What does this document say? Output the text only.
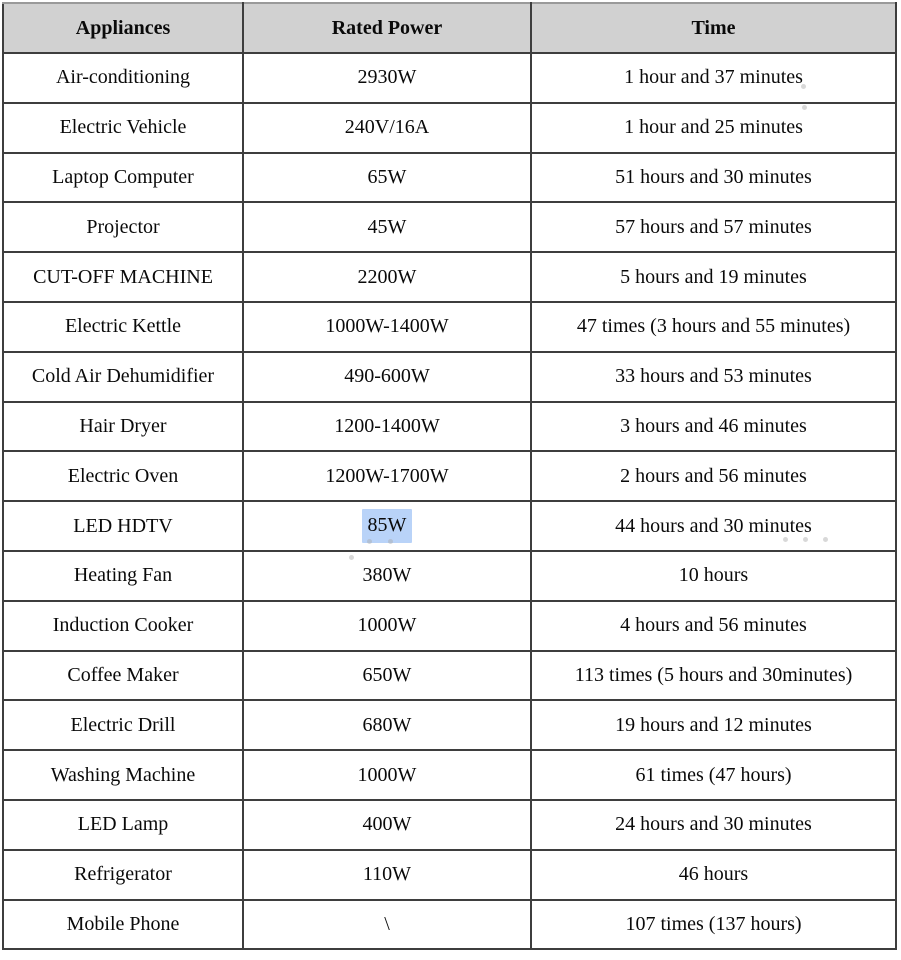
Appliances	Rated Power	Time
Air-conditioning	2930W	1 hour and 37 minutes
Electric Vehicle	240V/16A	1 hour and 25 minutes
Laptop Computer	65W	51 hours and 30 minutes
Projector	45W	57 hours and 57 minutes
CUT-OFF MACHINE	2200W	5 hours and 19 minutes
Electric Kettle	1000W-1400W	47 times (3 hours and 55 minutes)
Cold Air Dehumidifier	490-600W	33 hours and 53 minutes
Hair Dryer	1200-1400W	3 hours and 46 minutes
Electric Oven	1200W-1700W	2 hours and 56 minutes
LED HDTV	85W	44 hours and 30 minutes
Heating Fan	380W	10 hours
Induction Cooker	1000W	4 hours and 56 minutes
Coffee Maker	650W	113 times (5 hours and 30minutes)
Electric Drill	680W	19 hours and 12 minutes
Washing Machine	1000W	61 times (47 hours)
LED Lamp	400W	24 hours and 30 minutes
Refrigerator	110W	46 hours
Mobile Phone	\	107 times (137 hours)
